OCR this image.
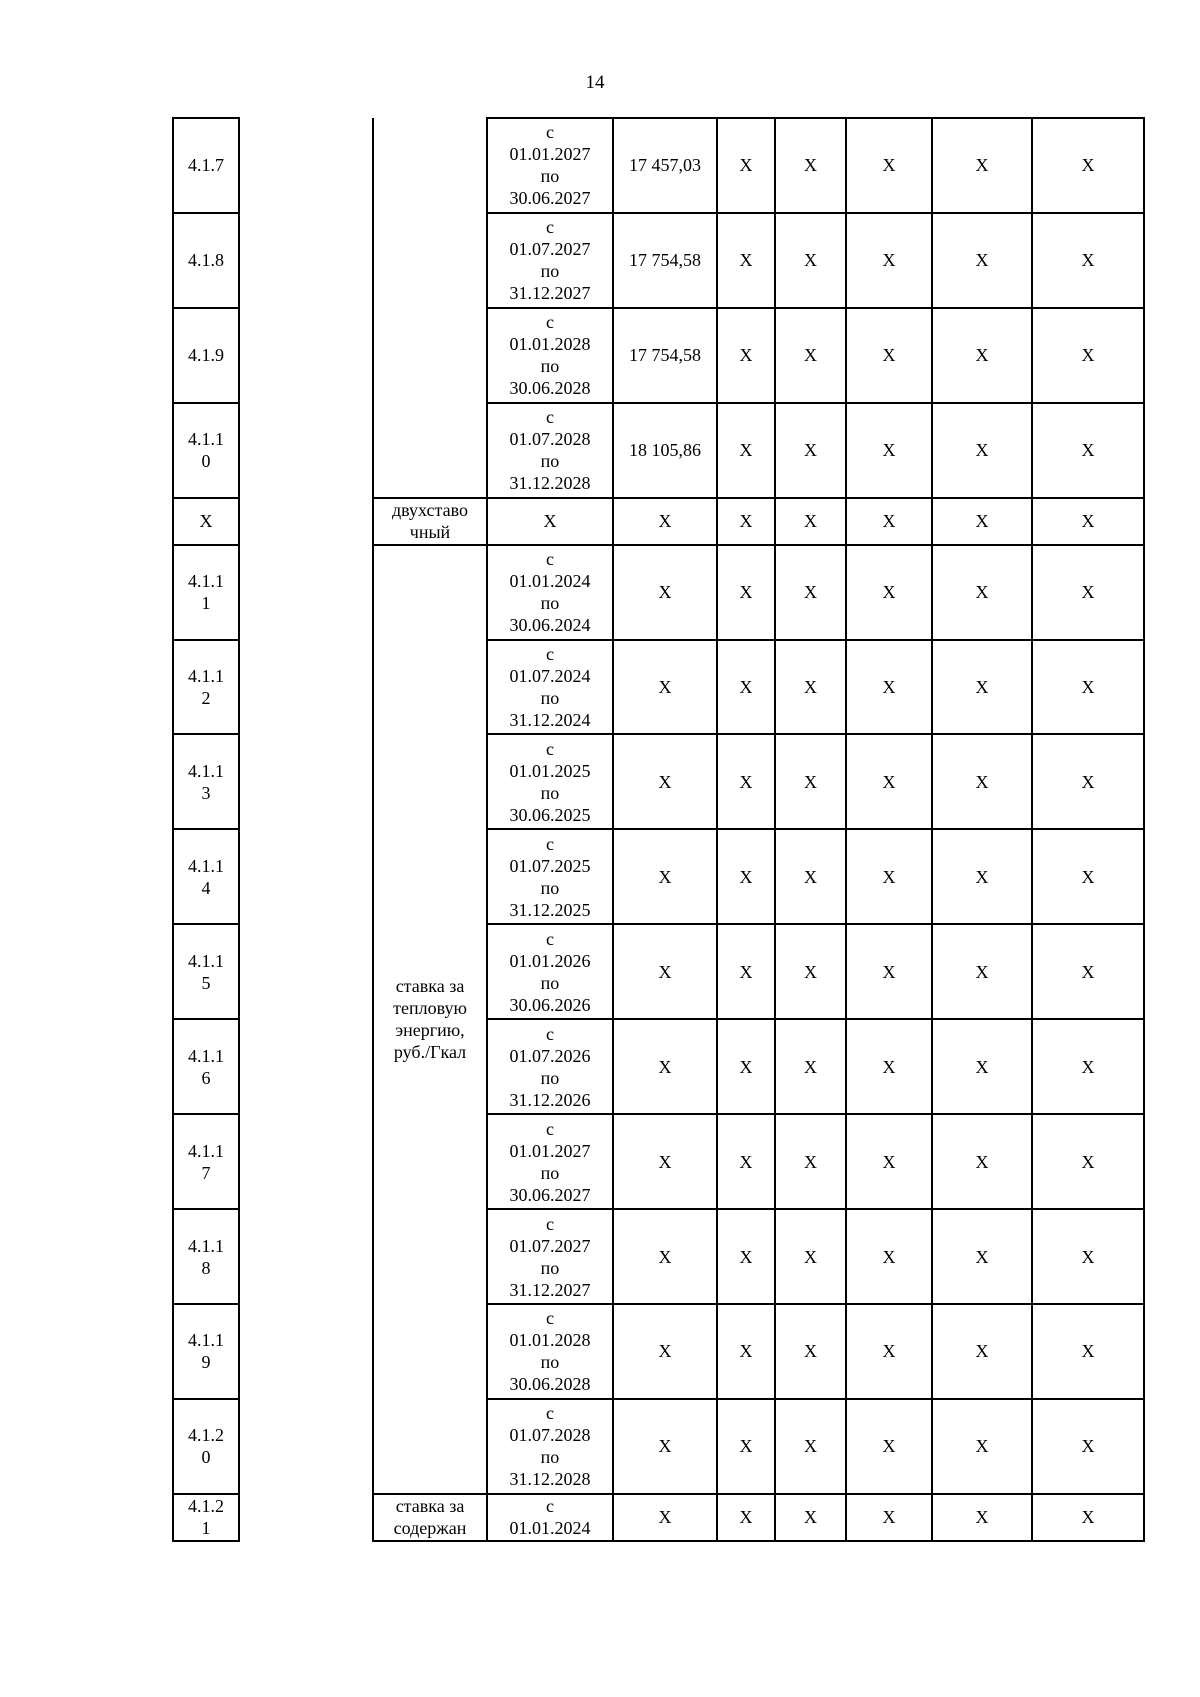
14
4.1.7			с
01.01.2027
по
30.06.2027	17 457,03	X	X	X	X	X

4.1.8			с
01.07.2027
по
31.12.2027	17 754,58	X	X	X	X	X

4.1.9			с
01.01.2028
по
30.06.2028	17 754,58	X	X	X	X	X

4.1.10			с
01.07.2028
по
31.12.2028	18 105,86	X	X	X	X	X

X		двухставо
чный	X	X	X	X	X	X	X

4.1.11		ставка за
тепловую
энергию,
руб./Гкал	с
01.01.2024
по
30.06.2024	X	X	X	X	X	X

4.1.12			с
01.07.2024
по
31.12.2024	X	X	X	X	X	X

4.1.13			с
01.01.2025
по
30.06.2025	X	X	X	X	X	X

4.1.14			с
01.07.2025
по
31.12.2025	X	X	X	X	X	X

4.1.15			с
01.01.2026
по
30.06.2026	X	X	X	X	X	X

4.1.16			с
01.07.2026
по
31.12.2026	X	X	X	X	X	X

4.1.17			с
01.01.2027
по
30.06.2027	X	X	X	X	X	X

4.1.18			с
01.07.2027
по
31.12.2027	X	X	X	X	X	X

4.1.19			с
01.01.2028
по
30.06.2028	X	X	X	X	X	X

4.1.20			с
01.07.2028
по
31.12.2028	X	X	X	X	X	X

4.1.21		ставка за
содержан	с
01.01.2024	X	X	X	X	X	X
